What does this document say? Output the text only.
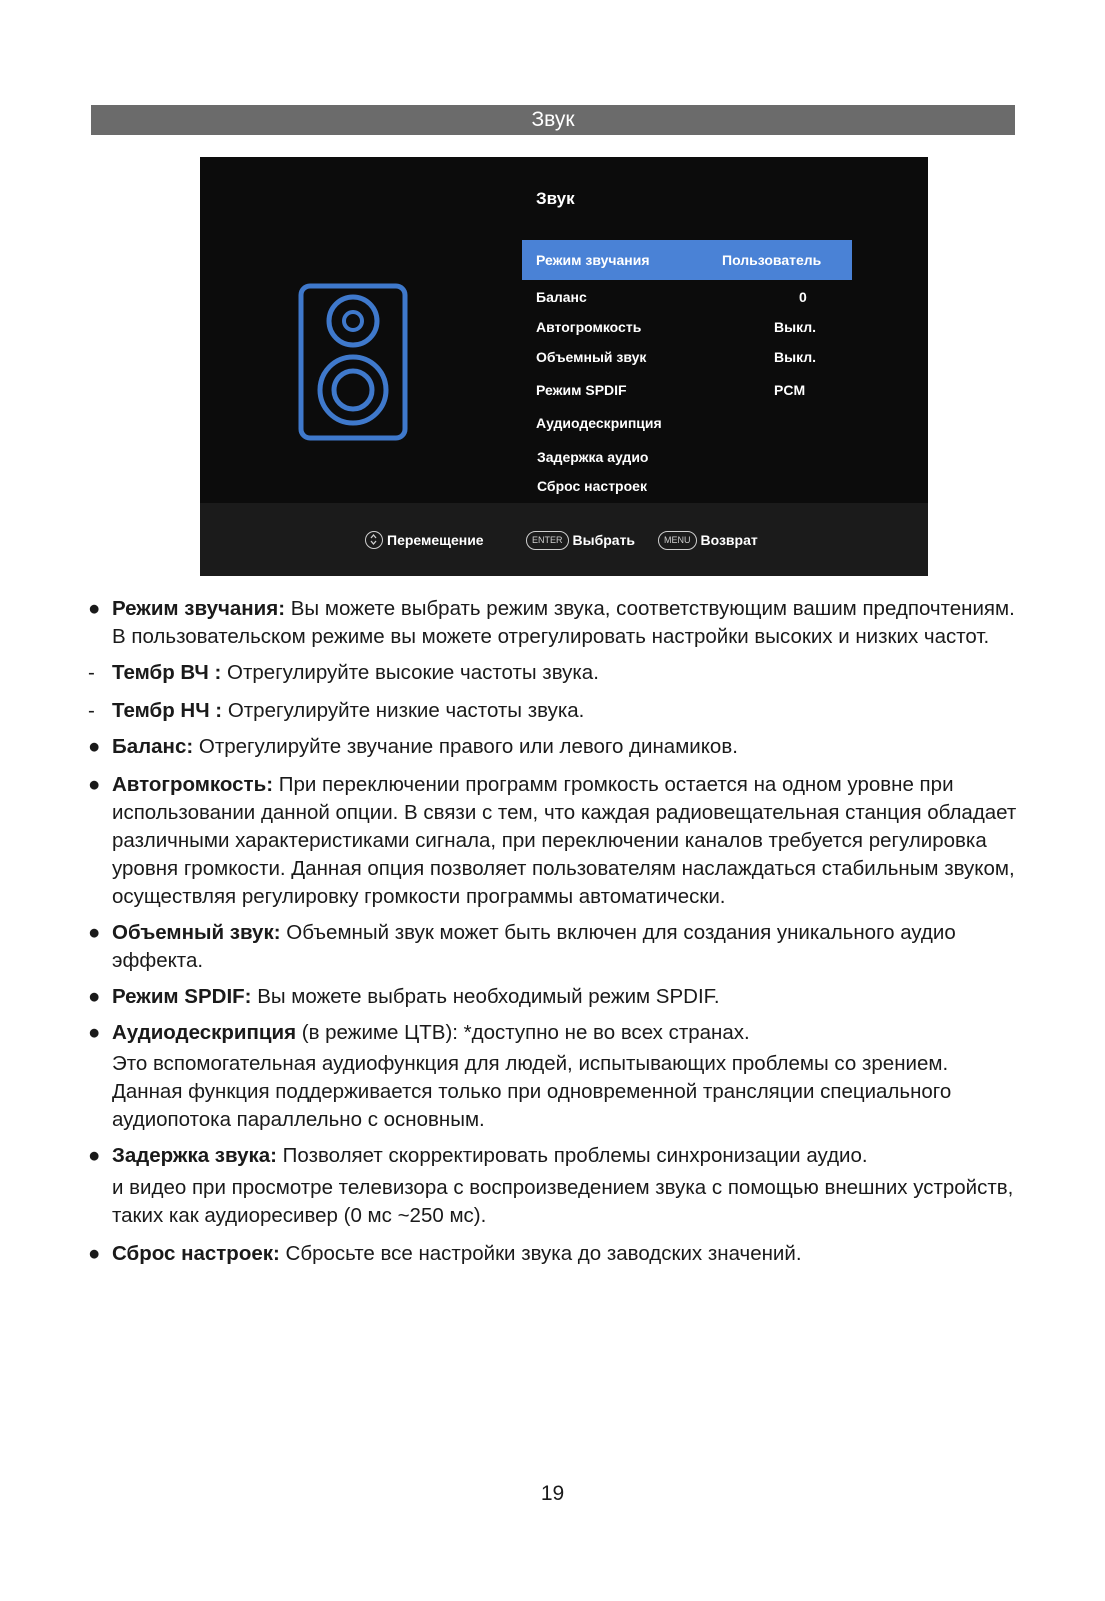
Звук
Звук
Режим звучания	Пользователь
Баланс	0
Автогромкость	Выкл.
Объемный звук	Выкл.
Режим SPDIF	PCM
Аудиодескрипция
Задержка аудио
Сброс настроек
Перемещение	ENTER Выбрать	MENU Возврат
● Режим звучания: Вы можете выбрать режим звука, соответствующим вашим предпочтениям. В пользовательском режиме вы можете отрегулировать настройки высоких и низких частот.
- Тембр ВЧ : Отрегулируйте высокие частоты звука.
- Тембр НЧ : Отрегулируйте низкие частоты звука.
● Баланс: Отрегулируйте звучание правого или левого динамиков.
● Автогромкость: При переключении программ громкость остается на одном уровне при использовании данной опции. В связи с тем, что каждая радиовещательная станция обладает различными характеристиками сигнала, при переключении каналов требуется регулировка уровня громкости. Данная опция позволяет пользователям наслаждаться стабильным звуком, осуществляя регулировку громкости программы автоматически.
● Объемный звук: Объемный звук может быть включен для создания уникального аудио эффекта.
● Режим SPDIF: Вы можете выбрать необходимый режим SPDIF.
● Аудиодескрипция (в режиме ЦТВ): *доступно не во всех странах.
Это вспомогательная аудиофункция для людей, испытывающих проблемы со зрением.
Данная функция поддерживается только при одновременной трансляции специального аудиопотока параллельно с основным.
● Задержка звука: Позволяет скорректировать проблемы синхронизации аудио.
и видео при просмотре телевизора с воспроизведением звука с помощью внешних устройств, таких как аудиоресивер (0 мс ~250 мс).
● Сброс настроек: Сбросьте все настройки звука до заводских значений.
19
